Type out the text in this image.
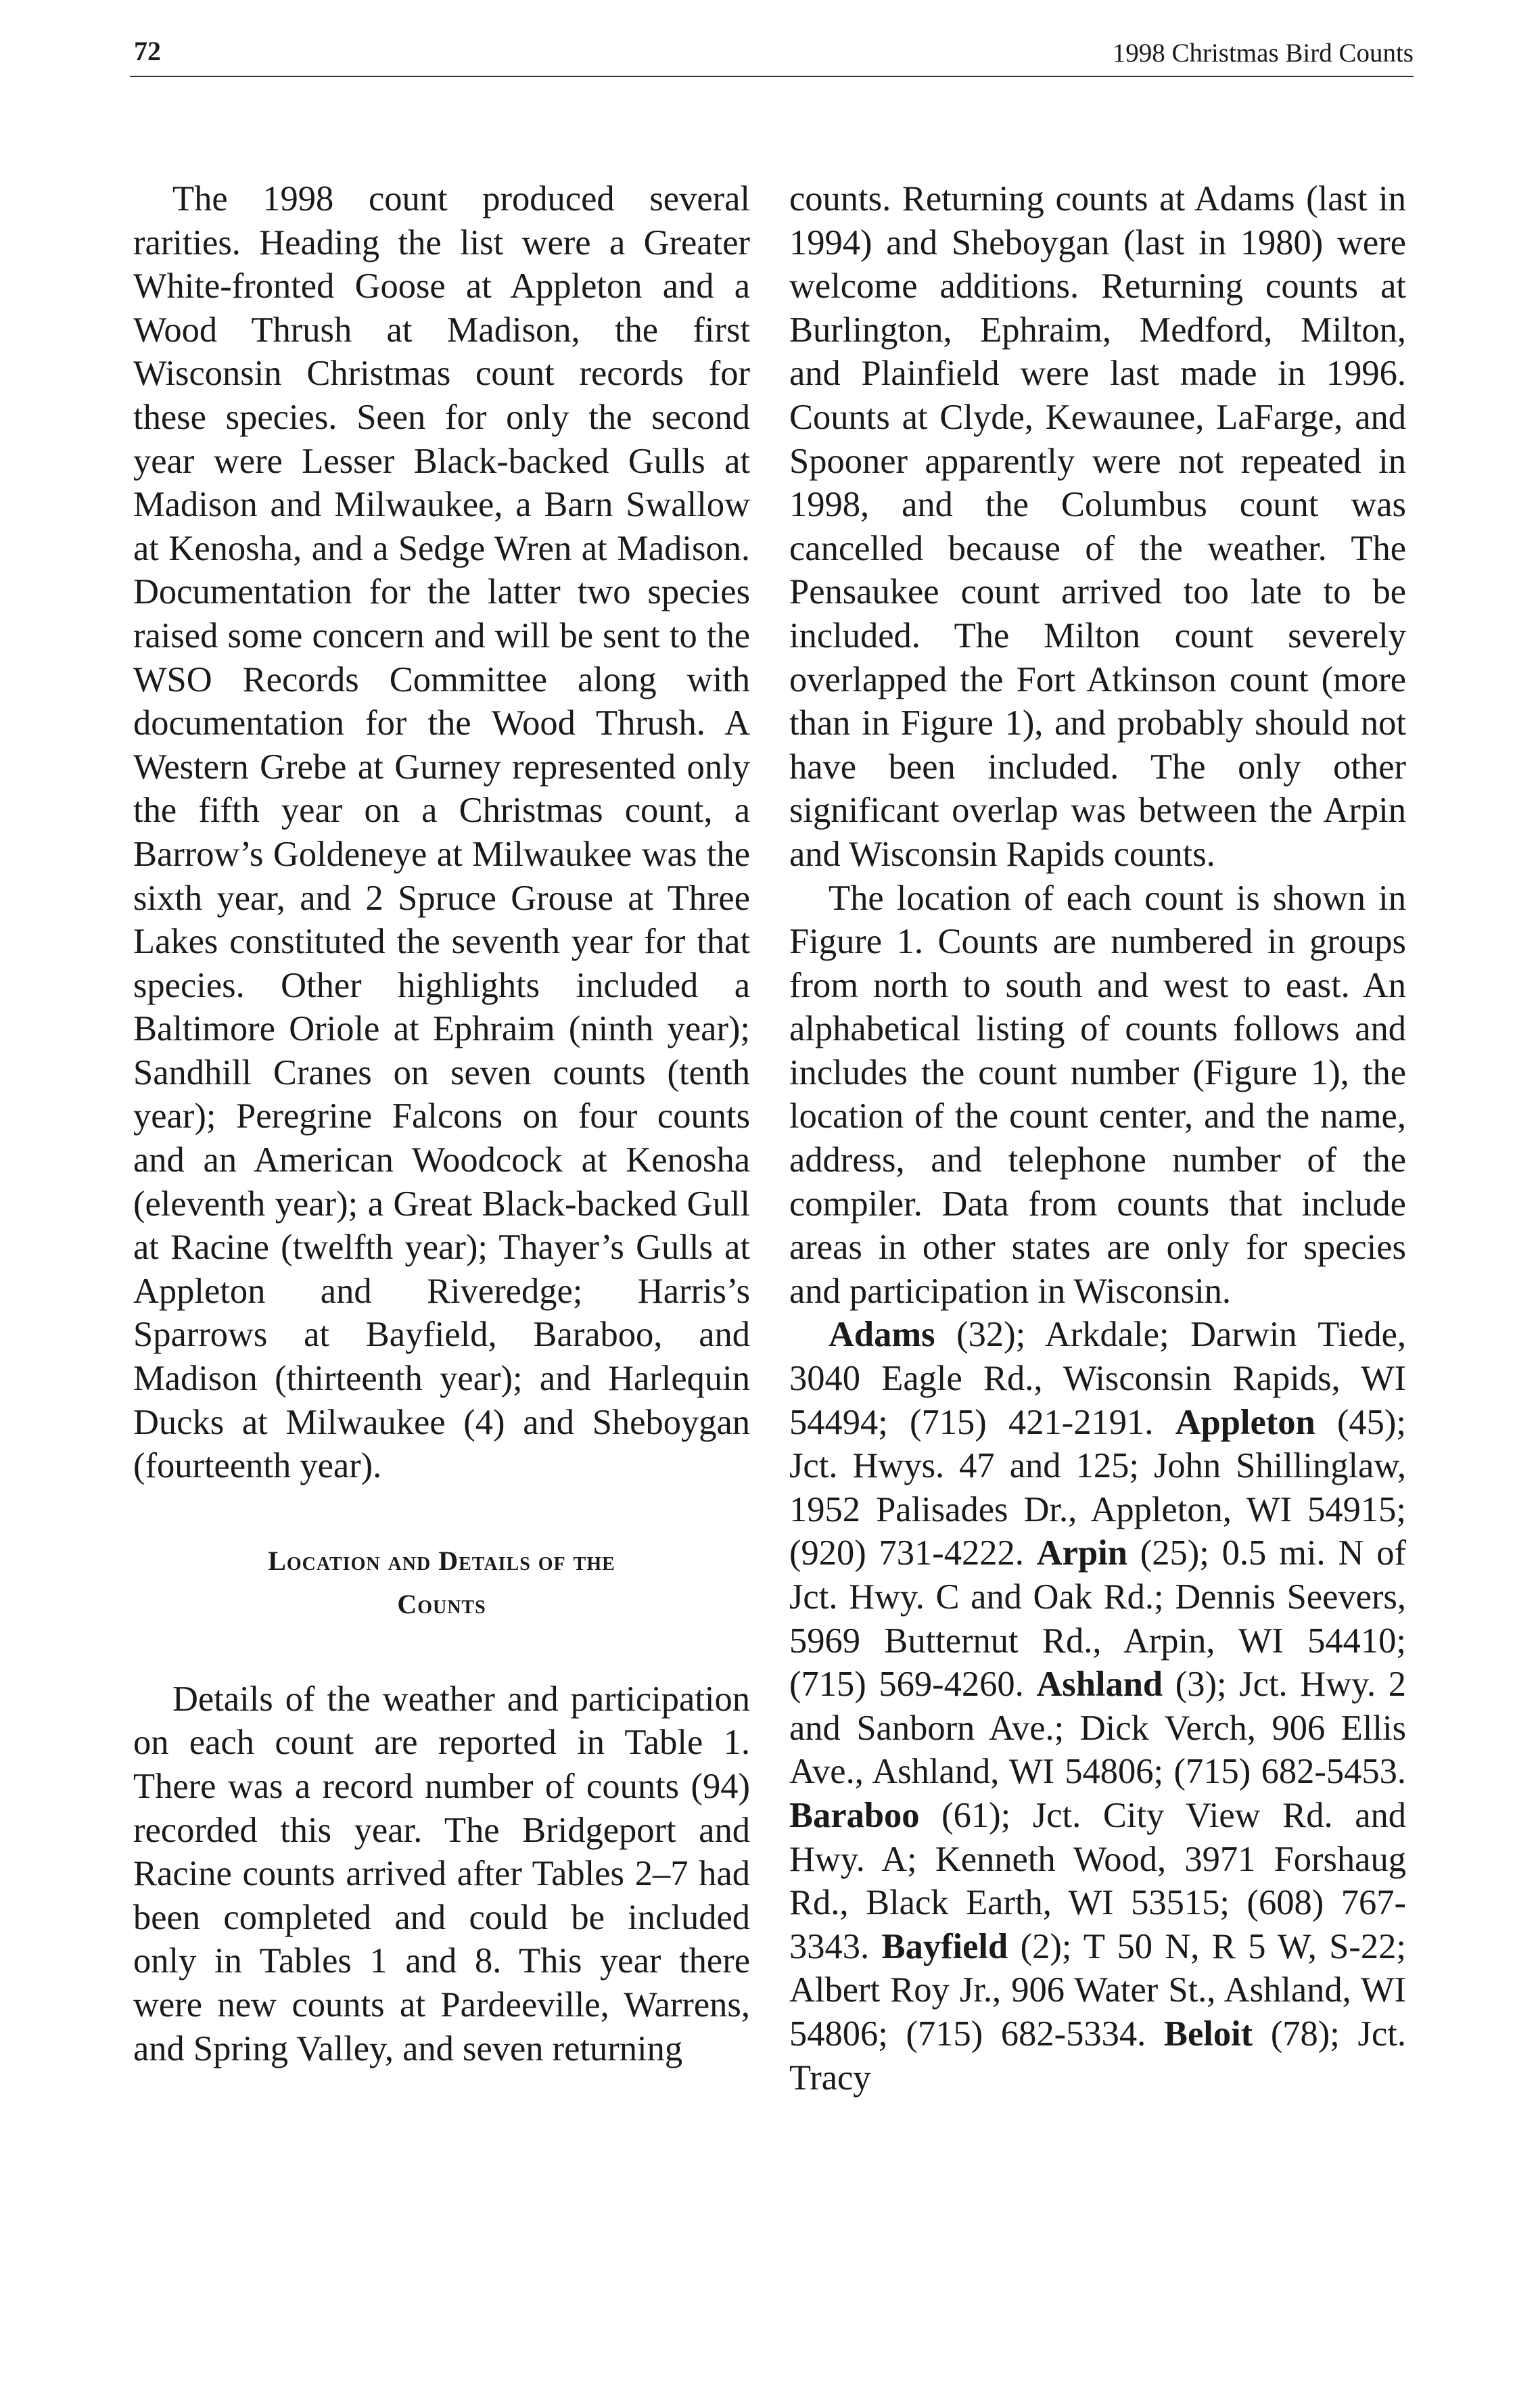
72	1998 Christmas Bird Counts

The 1998 count produced several rarities. Heading the list were a Greater White-fronted Goose at Appleton and a Wood Thrush at Madison, the first Wisconsin Christmas count records for these species. Seen for only the second year were Lesser Black-backed Gulls at Madison and Milwaukee, a Barn Swallow at Kenosha, and a Sedge Wren at Madison. Documentation for the latter two species raised some concern and will be sent to the WSO Records Committee along with documentation for the Wood Thrush. A Western Grebe at Gurney represented only the fifth year on a Christmas count, a Barrow’s Goldeneye at Milwaukee was the sixth year, and 2 Spruce Grouse at Three Lakes constituted the seventh year for that species. Other highlights included a Baltimore Oriole at Ephraim (ninth year); Sandhill Cranes on seven counts (tenth year); Peregrine Falcons on four counts and an American Woodcock at Kenosha (eleventh year); a Great Black-backed Gull at Racine (twelfth year); Thayer’s Gulls at Appleton and Riveredge; Harris’s Sparrows at Bayfield, Baraboo, and Madison (thirteenth year); and Harlequin Ducks at Milwaukee (4) and Sheboygan (fourteenth year).

Location and Details of the
Counts

Details of the weather and participation on each count are reported in Table 1. There was a record number of counts (94) recorded this year. The Bridgeport and Racine counts arrived after Tables 2–7 had been completed and could be included only in Tables 1 and 8. This year there were new counts at Pardeeville, Warrens, and Spring Valley, and seven returning

counts. Returning counts at Adams (last in 1994) and Sheboygan (last in 1980) were welcome additions. Returning counts at Burlington, Ephraim, Medford, Milton, and Plainfield were last made in 1996. Counts at Clyde, Kewaunee, LaFarge, and Spooner apparently were not repeated in 1998, and the Columbus count was cancelled because of the weather. The Pensaukee count arrived too late to be included. The Milton count severely overlapped the Fort Atkinson count (more than in Figure 1), and probably should not have been included. The only other significant overlap was between the Arpin and Wisconsin Rapids counts.

The location of each count is shown in Figure 1. Counts are numbered in groups from north to south and west to east. An alphabetical listing of counts follows and includes the count number (Figure 1), the location of the count center, and the name, address, and telephone number of the compiler. Data from counts that include areas in other states are only for species and participation in Wisconsin.

Adams (32); Arkdale; Darwin Tiede, 3040 Eagle Rd., Wisconsin Rapids, WI 54494; (715) 421-2191. Appleton (45); Jct. Hwys. 47 and 125; John Shillinglaw, 1952 Palisades Dr., Appleton, WI 54915; (920) 731-4222. Arpin (25); 0.5 mi. N of Jct. Hwy. C and Oak Rd.; Dennis Seevers, 5969 Butternut Rd., Arpin, WI 54410; (715) 569-4260. Ashland (3); Jct. Hwy. 2 and Sanborn Ave.; Dick Verch, 906 Ellis Ave., Ashland, WI 54806; (715) 682-5453. Baraboo (61); Jct. City View Rd. and Hwy. A; Kenneth Wood, 3971 Forshaug Rd., Black Earth, WI 53515; (608) 767-3343. Bayfield (2); T 50 N, R 5 W, S-22; Albert Roy Jr., 906 Water St., Ashland, WI 54806; (715) 682-5334. Beloit (78); Jct. Tracy
